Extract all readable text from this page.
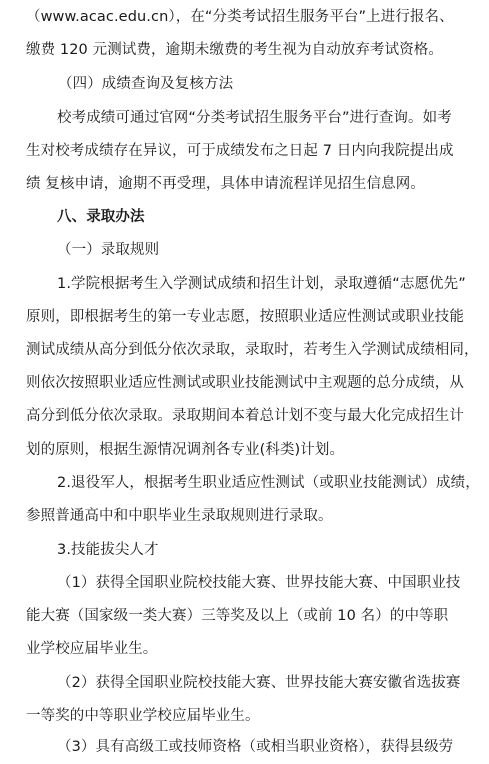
（www.acac.edu.cn），在“分类考试招生服务平台”上进行报名、
缴费 120 元测试费，逾期未缴费的考生视为自动放弃考试资格。
（四）成绩查询及复核方法
校考成绩可通过官网“分类考试招生服务平台”进行查询。如考
生对校考成绩存在异议，可于成绩发布之日起 7 日内向我院提出成
绩 复核申请，逾期不再受理，具体申请流程详见招生信息网。
八、录取办法
（一）录取规则
1.学院根据考生入学测试成绩和招生计划，录取遵循“志愿优先”
原则，即根据考生的第一专业志愿，按照职业适应性测试或职业技能
测试成绩从高分到低分依次录取，录取时，若考生入学测试成绩相同，
则依次按照职业适应性测试或职业技能测试中主观题的总分成绩，从
高分到低分依次录取。录取期间本着总计划不变与最大化完成招生计
划的原则，根据生源情况调剂各专业(科类)计划。
2.退役军人，根据考生职业适应性测试（或职业技能测试）成绩，
参照普通高中和中职毕业生录取规则进行录取。
3.技能拔尖人才
（1）获得全国职业院校技能大赛、世界技能大赛、中国职业技
能大赛（国家级一类大赛）三等奖及以上（或前 10 名）的中等职
业学校应届毕业生。
（2）获得全国职业院校技能大赛、世界技能大赛安徽省选拔赛
一等奖的中等职业学校应届毕业生。
（3）具有高级工或技师资格（或相当职业资格），获得县级劳
